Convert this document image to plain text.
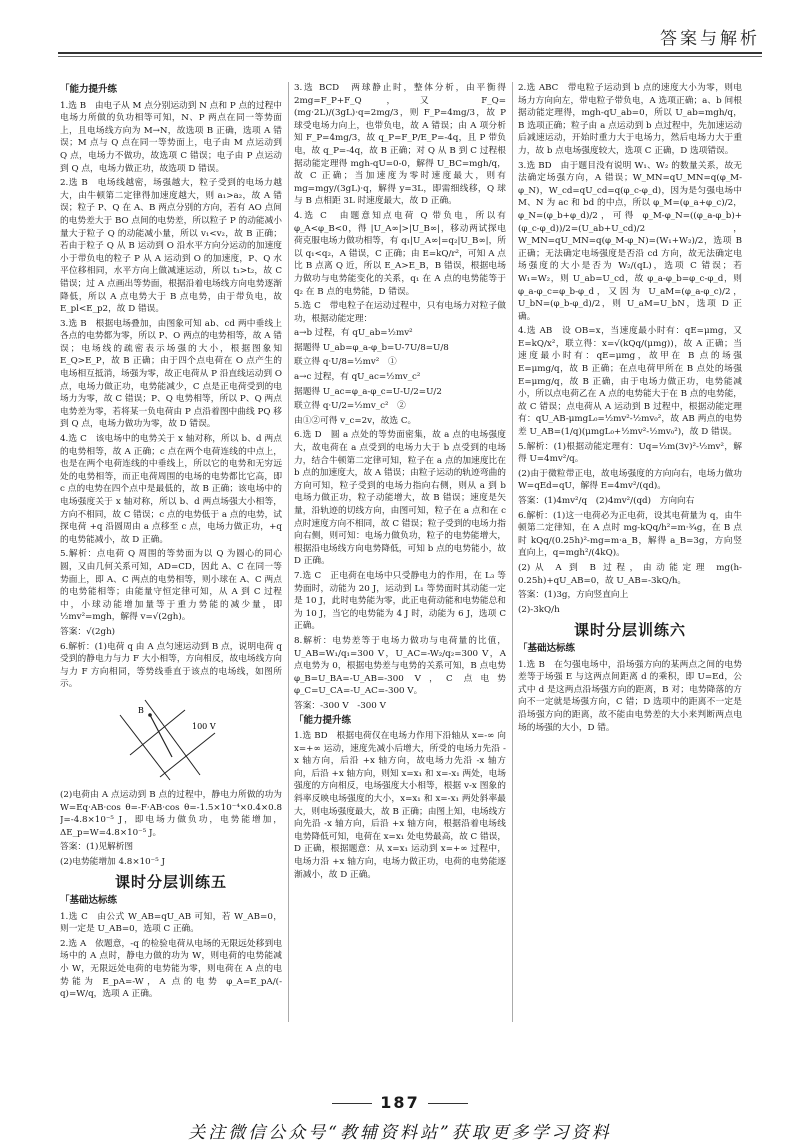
答案与解析
「 能力提升练

1.选 B　由电子从 M 点分别运动到 N 点和 P 点的过程中电场力所做的负功相等可知，N、P 两点在同一等势面上，且电场线方向为 M→N，故选项 B 正确，选项 A 错误；M 点与 Q 点在同一等势面上，电子由 M 点运动到 Q 点，电场力不做功，故选项 C 错误；电子由 P 点运动到 Q 点，电场力做正功，故选项 D 错误。

2.选 B　电场线越密，场强越大，粒子受到的电场力越大，由牛顿第二定律得加速度越大，则 a₁>a₂，故 A 错误；粒子 P、Q 在 A、B 两点分别的方向，若有 AO 点间的电势差大于 BO 点间的电势差，所以粒子 P 的动能减小量大于粒子 Q 的动能减小量，所以 v₁<v₂，故 B 正确；若由于粒子 Q 从 B 运动到 O 沿水平方向分运动的加速度小于带负电的粒子 P 从 A 运动到 O 的加速度，P、Q 水平位移相同，水平方向上做减速运动，所以 t₁>t₂，故 C 错误；过 A 点画出等势面，根据沿着电场线方向电势逐渐降低，所以 A 点电势大于 B 点电势，由于带负电，故 E_pl<E_p2，故 D 错误。

3.选 B　根据电场叠加，由图象可知 ab、cd 两中垂线上各点的电势都为零，所以 P、O 两点的电势相等，故 A 错误；电场线的疏密表示场强的大小，根据图象知 E_Q>E_P，故 B 正确；由于四个点电荷在 O 点产生的电场相互抵消，场强为零，故正电荷从 P 沿直线运动到 O 点，电场力做正功，电势能减少，C 点是正电荷受到的电场力为零，故 C 错误；P、Q 电势相等，所以 P、Q 两点电势差为零，若将某一负电荷由 P 点沿着图中曲线 PQ 移到 Q 点，电场力做功为零，故 D 错误。

4.选 C　该电场中的电势关于 x 轴对称，所以 b、d 两点的电势相等，故 A 正确；c 点在两个电荷连线的中点上，也是在两个电荷连线的中垂线上，所以它的电势和无穷远处的电势相等，而正电荷周围的电场的电势都比它高，即 c 点的电势在四个点中是最低的，故 B 正确；该电场中的电场强度关于 x 轴对称，所以 b、d 两点场强大小相等，方向不相同，故 C 错误；c 点的电势低于 a 点的电势，试探电荷 +q 沿圆周由 a 点移至 c 点，电场力做正功，+q 的电势能减小，故 D 正确。

5.解析：点电荷 Q 周围的等势面为以 Q 为圆心的同心圆，又由几何关系可知，AD=CD，因此 A、C 在同一等势面上，即 A、C 两点的电势相等，则小球在 A、C 两点的电势能相等；由能量守恒定律可知，从 A 到 C 过程中，小球动能增加量等于重力势能的减少量，即 ½mv²=mgh，解得 v=√(2gh)。

答案：√(2gh)

6.解析：(1)电荷 q 由 A 点匀速运动到 B 点，说明电荷 q 受到的静电力与力 F 大小相等，方向相反，故电场线方向与力 F 方向相同，等势线垂直于该点的电场线，如图所示。

B
100 V

(2)电荷由 A 点运动到 B 点的过程中，静电力所做的功为 W=Eq·AB·cos θ=-F·AB·cos θ=-1.5×10⁻⁴×0.4×0.8 J=-4.8×10⁻⁵ J，即电场力做负功，电势能增加，ΔE_p=W=4.8×10⁻⁵ J。

答案：(1)见解析图

(2)电势能增加 4.8×10⁻⁵ J

课时分层训练五
「 基础达标练

1.选 C　由公式 W_AB=qU_AB 可知，若 W_AB=0，则一定是 U_AB=0，选项 C 正确。

2.选 A　依题意，-q 的检验电荷从电场的无限远处移到电场中的 A 点时，静电力做的功为 W，则电荷的电势能减小 W，无限远处电荷的电势能为零，则电荷在 A 点的电势能为 E_pA=-W，A 点的电势 φ_A=E_pA/(-q)=W/q，选项 A 正确。

3.选 BCD　两球静止时，整体分析，由平衡得 2mg=F_P+F_Q，又 F_Q=(mg·2L)/(3gL)·q=2mg/3，则 F_P=4mg/3，故 P 球受电场力向上，也带负电，故 A 错误；由 A 项分析知 F_P=4mg/3，故 q_P=F_P/E_P=-4q，且 P 带负电，故 q_P=-4q，故 B 正确；对 Q 从 B 到 C 过程根据动能定理得 mgh-qU=0-0，解得 U_BC=mgh/q，故 C 正确；当加速度为零时速度最大，则有 mg=mgy/(3gL)·q，解得 y=3L，即需细线移，Q 球与 B 点相距 3L 时速度最大，故 D 正确。

4.选 C　由题意知点电荷 Q 带负电，所以有 φ_A<φ_B<0，得 |U_A∞|>|U_B∞|，移动两试探电荷克服电场力做功相等，有 q₁|U_A∞|=q₂|U_B∞|，所以 q₁<q₂，A 错误，C 正确；由 E=kQ/r²，可知 A 点比 B 点离 Q 近，所以 E_A>E_B，B 错误，根据电场力做功与电势能变化的关系，q₁ 在 A 点的电势能等于 q₂ 在 B 点的电势能，D 错误。

5.选 C　带电粒子在运动过程中，只有电场力对粒子做功，根据动能定理：

a→b 过程，有 qU_ab=½mv²

据题得 U_ab=φ_a-φ_b=U-7U/8=U/8

联立得 q·U/8=½mv²　①

a→c 过程，有 qU_ac=½mv_c²

据题得 U_ac=φ_a-φ_c=U-U/2=U/2

联立得 q·U/2=½mv_c²　②

由①②可得 v_c=2v，故选 C。

6.选 D　圆 a 点处的等势面密集，故 a 点的电场强度大，故电荷在 a 点受到的电场力大于 b 点受到的电场力，结合牛顿第二定律可知，粒子在 a 点的加速度比在 b 点的加速度大，故 A 错误；由粒子运动的轨迹弯曲的方向可知，粒子受到的电场力指向右侧，则从 a 到 b 电场力做正功，粒子动能增大，故 B 错误；速度是矢量，沿轨迹的切线方向，由图可知，粒子在 a 点和在 c 点时速度方向不相同，故 C 错误；粒子受到的电场力指向右侧，则可知：电场力做负功，粒子的电势能增大，根据沿电场线方向电势降低，可知 b 点的电势能小，故 D 正确。

7.选 C　正电荷在电场中只受静电力的作用，在 L₃ 等势面时，动能为 20 J，运动到 L₁ 等势面时其动能一定是 10 J，此时电势能为零，此正电荷动能和电势能总和为 10 J，当它的电势能为 4 J 时，动能为 6 J，选项 C 正确。

8.解析：电势差等于电场力做功与电荷量的比值，U_AB=W₁/q₁=300 V，U_AC=-W₂/q₂=300 V，A 点电势为 0，根据电势差与电势的关系可知，B 点电势 φ_B=U_BA=-U_AB=-300 V，C 点电势 φ_C=U_CA=-U_AC=-300 V。

答案：-300 V　-300 V

「 能力提升练

1.选 BD　根据电荷仅在电场力作用下沿轴从 x=-∞ 向 x=+∞ 运动，速度先减小后增大，所受的电场力先沿 -x 轴方向，后沿 +x 轴方向，故电场力先沿 -x 轴方向，后沿 +x 轴方向，则知 x=x₁ 和 x=-x₁ 两处，电场强度的方向相反，电场强度大小相等，根据 v-x 图象的斜率反映电场强度的大小，x=x₁ 和 x=-x₁ 两处斜率最大，则电场强度最大，故 B 正确；由图上知，电场线方向先沿 -x 轴方向，后沿 +x 轴方向，根据沿着电场线电势降低可知，电荷在 x=x₁ 处电势最高，故 C 错误，D 正确，根据题意：从 x=x₁ 运动到 x=+∞ 过程中，电场力沿 +x 轴方向，电场力做正功，电荷的电势能逐渐减小，故 D 正确。

2.选 ABC　带电粒子运动到 b 点的速度大小为零，则电场力方向向左，带电粒子带负电，A 选项正确；a、b 间根据动能定理得，mgh-qU_ab=0，所以 U_ab=mgh/q，B 选项正确；粒子由 a 点运动到 b 点过程中，先加速运动后减速运动，开始时重力大于电场力，然后电场力大于重力，故 b 点电场强度较大，选项 C 正确，D 选项错误。

3.选 BD　由于题目没有说明 W₁、W₂ 的数量关系，故无法确定场强方向，A 错误；W_MN=qU_MN=q(φ_M-φ_N)，W_cd=qU_cd=q(φ_c-φ_d)，因为是匀强电场中 M、N 为 ac 和 bd 的中点，所以 φ_M=(φ_a+φ_c)/2，φ_N=(φ_b+φ_d)/2，可得 φ_M-φ_N=((φ_a-φ_b)+(φ_c-φ_d))/2=(U_ab+U_cd)/2，W_MN=qU_MN=q(φ_M-φ_N)=(W₁+W₂)/2，选项 B 正确；无法确定电场强度是否沿 cd 方向，故无法确定电场强度的大小是否为 W₂/(qL)，选项 C 错误；若 W₁=W₂，则 U_ab=U_cd，故 φ_a-φ_b=φ_c-φ_d，则 φ_a-φ_c=φ_b-φ_d，又因为 U_aM=(φ_a-φ_c)/2，U_bN=(φ_b-φ_d)/2，则 U_aM=U_bN，选项 D 正确。

4.选 AB　设 OB=x，当速度最小时有：qE=μmg，又 E=kQ/x²，联立得：x=√(kQq/(μmg))，故 A 正确；当速度最小时有：qE=μmg，故甲在 B 点的场强 E=μmg/q，故 B 正确；在点电荷甲所在 B 点处的场强 E=μmg/q，故 B 正确，由于电场力做正功，电势能减小，所以点电荷乙在 A 点的电势能大于在 B 点的电势能，故 C 错误；点电荷从 A 运动到 B 过程中，根据动能定理有：qU_AB-μmgL₀=½mv²-½mv₀²，故 AB 两点的电势差 U_AB=(1/q)(μmgL₀+½mv²-½mv₀²)，故 D 错误。

5.解析：(1)根据动能定理有：Uq=½m(3v)²-½mv²，解得 U=4mv²/q。

(2)由于微粒带正电，故电场强度的方向向右，电场力做功 W=qEd=qU，解得 E=4mv²/(qd)。

答案：(1)4mv²/q　(2)4mv²/(qd)　方向向右

6.解析：(1)这一电荷必为正电荷，设其电荷量为 q，由牛顿第二定律知，在 A 点时 mg-kQq/h²=m·¾g，在 B 点时 kQq/(0.25h)²-mg=m·a_B，解得 a_B=3g，方向竖直向上，q=mgh²/(4kQ)。

(2)从 A 到 B 过程，由动能定理 mg(h-0.25h)+qU_AB=0，故 U_AB=-3kQ/h。

答案：(1)3g，方向竖直向上

(2)-3kQ/h

课时分层训练六
「 基础达标练

1.选 B　在匀强电场中，沿场强方向的某两点之间的电势差等于场强 E 与这两点间距离 d 的乘积，即 U=Ed，公式中 d 是这两点沿场强方向的距离，B 对；电势降落的方向不一定就是场强方向，C 错；D 选项中的距离不一定是沿场强方向的距离，故不能由电势差的大小来判断两点电场的场强的大小，D 错。

187
关注微信公众号“教辅资料站”获取更多学习资料
